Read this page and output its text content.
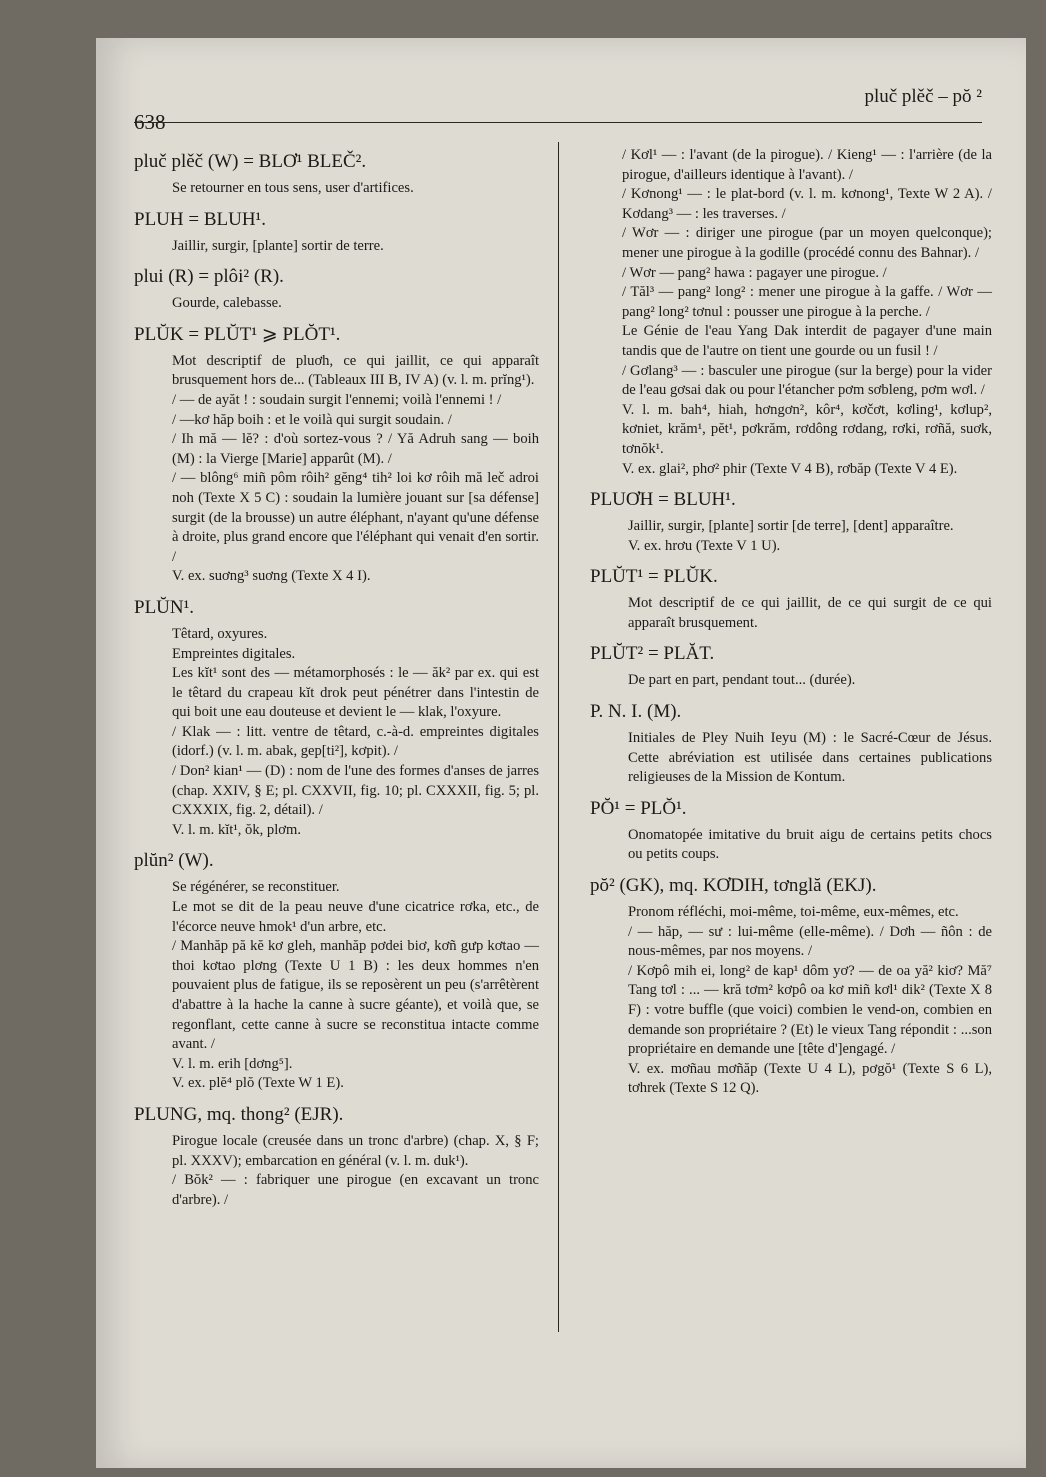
638
pluč plěč – pŏ ²
pluč plěč (W) = BLƠ¹ BLEČ².

Se retourner en tous sens, user d'artifices.

PLUH = BLUH¹.

Jaillir, surgir, [plante] sortir de terre.

plui (R) = plôi² (R).

Gourde, calebasse.

PLŬK = PLŬT¹ ⩾ PLŎT¹.

Mot descriptif de pluơh, ce qui jaillit, ce qui apparaît brusquement hors de... (Tableaux III B, IV A) (v. l. m. prĭng¹).

/ — de ayăt ! : soudain surgit l'ennemi; voilà l'ennemi ! /

/ —kơ hăp boih : et le voilà qui surgit soudain. /

/ Ih mă — lĕ? : d'où sortez-vous ? / Yă Adruh sang — boih (M) : la Vierge [Marie] apparût (M). /

/ — blông⁶ miñ pôm rôih² gĕng⁴ tih² loi kơ rôih mă leč adroi noh (Texte X 5 C) : soudain la lumière jouant sur [sa défense] surgit (de la brousse) un autre éléphant, n'ayant qu'une défense à droite, plus grand encore que l'éléphant qui venait d'en sortir. /

V. ex. suơng³ suơng (Texte X 4 I).

PLŬN¹.

Têtard, oxyures.

Empreintes digitales.

Les kĭt¹ sont des — métamorphosés : le — ăk² par ex. qui est le têtard du crapeau kĭt drok peut pénétrer dans l'intestin de qui boit une eau douteuse et devient le — klak, l'oxyure.

/ Klak — : litt. ventre de têtard, c.-à-d. empreintes digitales (idorf.) (v. l. m. abak, gep[ti²], kơpit). /

/ Don² kian¹ — (D) : nom de l'une des formes d'anses de jarres (chap. XXIV, § E; pl. CXXVII, fig. 10; pl. CXXXII, fig. 5; pl. CXXXIX, fig. 2, détail). /

V. l. m. kĭt¹, ŏk, plơm.

plŭn² (W).

Se régénérer, se reconstituer.

Le mot se dit de la peau neuve d'une cicatrice rơka, etc., de l'écorce neuve hmok¹ d'un arbre, etc.

/ Manhăp pă kĕ kơ gleh, manhăp pơdei biơ, kơñ gưp kơtao — thoi kơtao plơng (Texte U 1 B) : les deux hommes n'en pouvaient plus de fatigue, ils se reposèrent un peu (s'arrêtèrent d'abattre à la hache la canne à sucre géante), et voilà que, se regonflant, cette canne à sucre se reconstitua intacte comme avant. /

V. l. m. erih [dơng⁵].

V. ex. plĕ⁴ plŏ (Texte W 1 E).

PLUNG, mq. thong² (EJR).

Pirogue locale (creusée dans un tronc d'arbre) (chap. X, § F; pl. XXXV); embarcation en général (v. l. m. duk¹).

/ Bŏk² — : fabriquer une pirogue (en excavant un tronc d'arbre). /

/ Kơl¹ — : l'avant (de la pirogue). / Kieng¹ — : l'arrière (de la pirogue, d'ailleurs identique à l'avant). /

/ Kơnong¹ — : le plat-bord (v. l. m. kơnong¹, Texte W 2 A). / Kơdang³ — : les traverses. /

/ Wơr — : diriger une pirogue (par un moyen quelconque); mener une pirogue à la godille (procédé connu des Bahnar). /

/ Wơr — pang² hawa : pagayer une pirogue. /

/ Tăl³ — pang² long² : mener une pirogue à la gaffe. / Wơr — pang² long² tơnul : pousser une pirogue à la perche. /

Le Génie de l'eau Yang Dak interdit de pagayer d'une main tandis que de l'autre on tient une gourde ou un fusil ! /

/ Gơlang³ — : basculer une pirogue (sur la berge) pour la vider de l'eau gơsai dak ou pour l'étancher pơm sơbleng, pơm wơl. /

V. l. m. bah⁴, hiah, hơngơn², kôr⁴, kơčơt, kơling¹, kơlup², kơniet, krăm¹, pĕt¹, pơkrăm, rơdông rơdang, rơki, rơñă, suơk, tơnŏk¹.

V. ex. glai², phơ² phir (Texte V 4 B), rơbăp (Texte V 4 E).

PLUƠH = BLUH¹.

Jaillir, surgir, [plante] sortir [de terre], [dent] apparaître.

V. ex. hrơu (Texte V 1 U).

PLŬT¹ = PLŬK.

Mot descriptif de ce qui jaillit, de ce qui surgit de ce qui apparaît brusquement.

PLŬT² = PLĂT.

De part en part, pendant tout... (durée).

P. N. I. (M).

Initiales de Pley Nuih Ieyu (M) : le Sacré-Cœur de Jésus. Cette abréviation est utilisée dans certaines publications religieuses de la Mission de Kontum.

PŎ¹ = PLŎ¹.

Onomatopée imitative du bruit aigu de certains petits chocs ou petits coups.

pŏ² (GK), mq. KƠDIH, tơnglă (EKJ).

Pronom réfléchi, moi-même, toi-même, eux-mêmes, etc.

/ — hăp, — sư : lui-même (elle-même). / Dơh — ñôn : de nous-mêmes, par nos moyens. /

/ Kơpô mih ei, long² de kap¹ dôm yơ? — de oa yă² kiơ? Mă⁷ Tang tơl : ... — kră tơm² kơpô oa kơ miñ kơl¹ dik² (Texte X 8 F) : votre buffle (que voici) combien le vend-on, combien en demande son propriétaire ? (Et) le vieux Tang répondit : ...son propriétaire en demande une [tête d']engagé. /

V. ex. mơñau mơñăp (Texte U 4 L), pơgŏ¹ (Texte S 6 L), tơhrek (Texte S 12 Q).
